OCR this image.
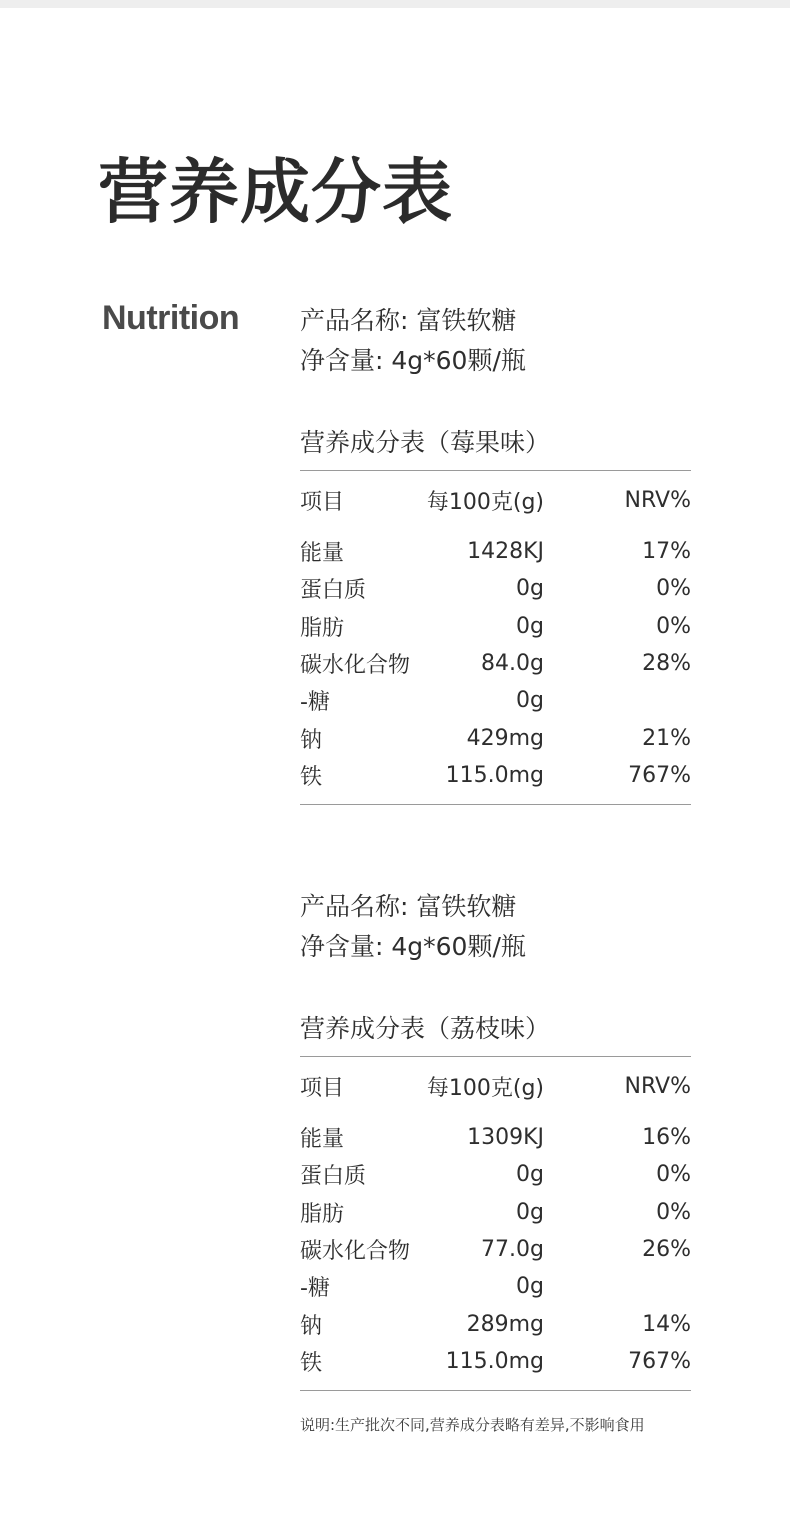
营养成分表
Nutrition 产品名称: 富铁软糖
净含量: 4g*60颗/瓶
营养成分表（莓果味）
项目	每100克(g)	NRV%
能量	1428KJ	17%
蛋白质	0g	0%
脂肪	0g	0%
碳水化合物	84.0g	28%
-糖	0g
钠	429mg	21%
铁	115.0mg	767%
产品名称: 富铁软糖
净含量: 4g*60颗/瓶
营养成分表（荔枝味）
项目	每100克(g)	NRV%
能量	1309KJ	16%
蛋白质	0g	0%
脂肪	0g	0%
碳水化合物	77.0g	26%
-糖	0g
钠	289mg	14%
铁	115.0mg	767%
说明:生产批次不同,营养成分表略有差异,不影响食用
